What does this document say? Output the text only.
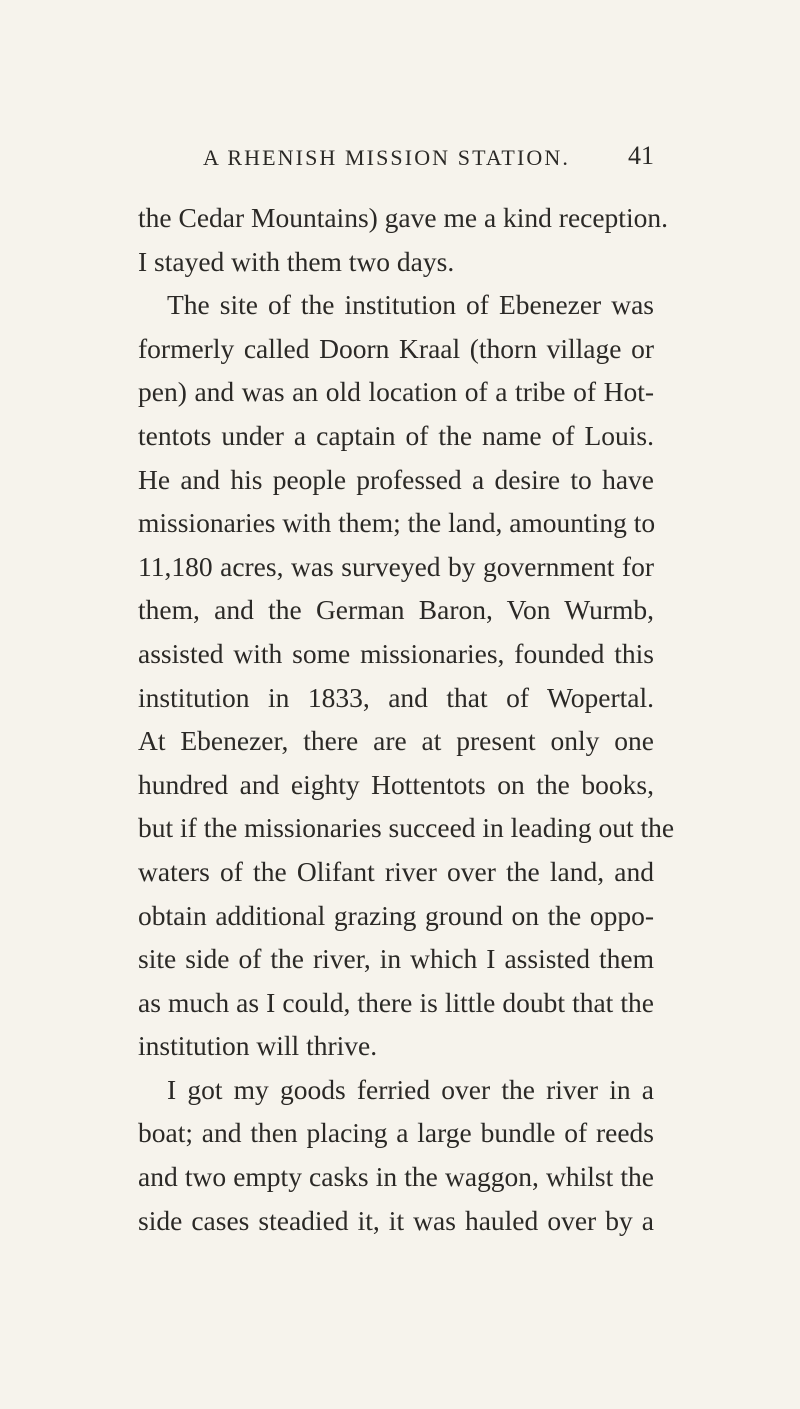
A RHENISH MISSION STATION. 41
the Cedar Mountains) gave me a kind reception.
I stayed with them two days.
The site of the institution of Ebenezer was
formerly called Doorn Kraal (thorn village or
pen) and was an old location of a tribe of Hot-
tentots under a captain of the name of Louis.
He and his people professed a desire to have
missionaries with them; the land, amounting to
11,180 acres, was surveyed by government for
them, and the German Baron, Von Wurmb,
assisted with some missionaries, founded this
institution in 1833, and that of Wopertal.
At Ebenezer, there are at present only one
hundred and eighty Hottentots on the books,
but if the missionaries succeed in leading out the
waters of the Olifant river over the land, and
obtain additional grazing ground on the oppo-
site side of the river, in which I assisted them
as much as I could, there is little doubt that the
institution will thrive.
I got my goods ferried over the river in a
boat; and then placing a large bundle of reeds
and two empty casks in the waggon, whilst the
side cases steadied it, it was hauled over by a
